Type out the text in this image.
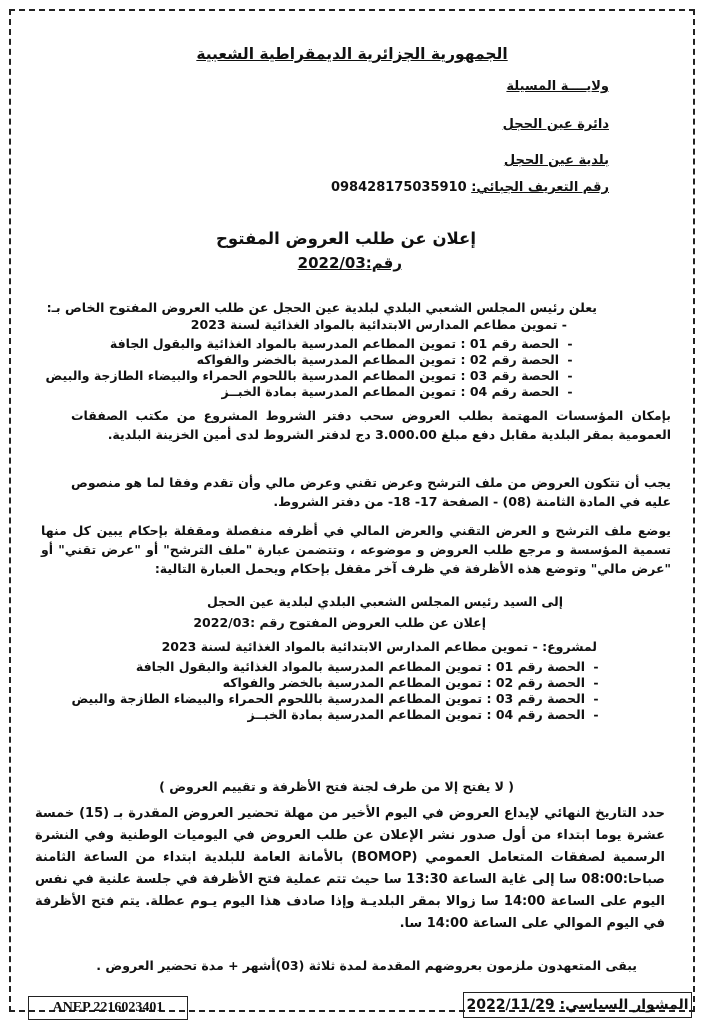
الجمهورية الجزائرية الديمقراطية الشعبية
ولايــــة المسيلة
دائرة عين الحجل
بلدية عين الحجل
رقم التعريف الجبائي: 098428175035910
إعلان عن طلب العروض المفتوح
رقم:2022/03
يعلن رئيس المجلس الشعبي البلدي لبلدية عين الحجل عن طلب العروض المفتوح الخاص بـ:
- تموين مطاعم المدارس الابتدائية بالمواد الغذائية لسنة 2023
- الحصة رقم 01 : تموين المطاعم المدرسية بالمواد الغذائية والبقول الجافة
- الحصة رقم 02 : تموين المطاعم المدرسية بالخضر والفواكه
- الحصة رقم 03 : تموين المطاعم المدرسية باللحوم الحمراء والبيضاء الطازجة والبيض
- الحصة رقم 04 : تموين المطاعم المدرسية بمادة الخبــز
بإمكان المؤسسات المهتمة بطلب العروض سحب دفتر الشروط المشروع من مكتب الصفقات العمومية بمقر البلدية مقابل دفع مبلغ 3.000.00 دج لدفتر الشروط لدى أمين الخزينة البلدية.
يجب أن تتكون العروض من ملف الترشح وعرض تقني وعرض مالي وأن تقدم وفقا لما هو منصوص عليه في المادة الثامنة (08) - الصفحة 17- 18- من دفتر الشروط.
يوضع ملف الترشح و العرض التقني والعرض المالي في أظرفه منفصلة ومقفلة بإحكام يبين كل منها تسمية المؤسسة و مرجع طلب العروض و موضوعه ، وتتضمن عبارة "ملف الترشح" أو "عرض تقني" أو "عرض مالي" وتوضع هذه الأظرفة في ظرف آخر مقفل بإحكام ويحمل العبارة التالية:
إلى السيد رئيس المجلس الشعبي البلدي لبلدية عين الحجل
إعلان عن طلب العروض المفتوح رقم :2022/03
لمشروع: - تموين مطاعم المدارس الابتدائية بالمواد الغذائية لسنة 2023
- الحصة رقم 01 : تموين المطاعم المدرسية بالمواد الغذائية والبقول الجافة
- الحصة رقم 02 : تموين المطاعم المدرسية بالخضر والفواكه
- الحصة رقم 03 : تموين المطاعم المدرسية باللحوم الحمراء والبيضاء الطازجة والبيض
- الحصة رقم 04 : تموين المطاعم المدرسية بمادة الخبــز
( لا يفتح إلا من طرف لجنة فتح الأظرفة و تقييم العروض )
حدد التاريخ النهائي لإيداع العروض في اليوم الأخير من مهلة تحضير العروض المقدرة بـ (15) خمسة عشرة يوما ابتداء من أول صدور نشر الإعلان عن طلب العروض في اليوميات الوطنية وفي النشرة الرسمية لصفقات المتعامل العمومي (BOMOP) بالأمانة العامة للبلدية ابتداء من الساعة الثامنة صباحا:08:00 سا إلى غاية الساعة 13:30 سا حيث تتم عملية فتح الأظرفة في جلسة علنية في نفس اليوم على الساعة 14:00 سا زوالا بمقر البلديـة وإذا صادف هذا اليوم يـوم عطلة. يتم فتح الأظرفة في اليوم الموالي على الساعة 14:00 سا.
يبقى المتعهدون ملزمون بعروضهم المقدمة لمدة ثلاثة (03)أشهر + مدة تحضير العروض .
المشوار السياسي:

2022/11/29
ANEP 2216023401
